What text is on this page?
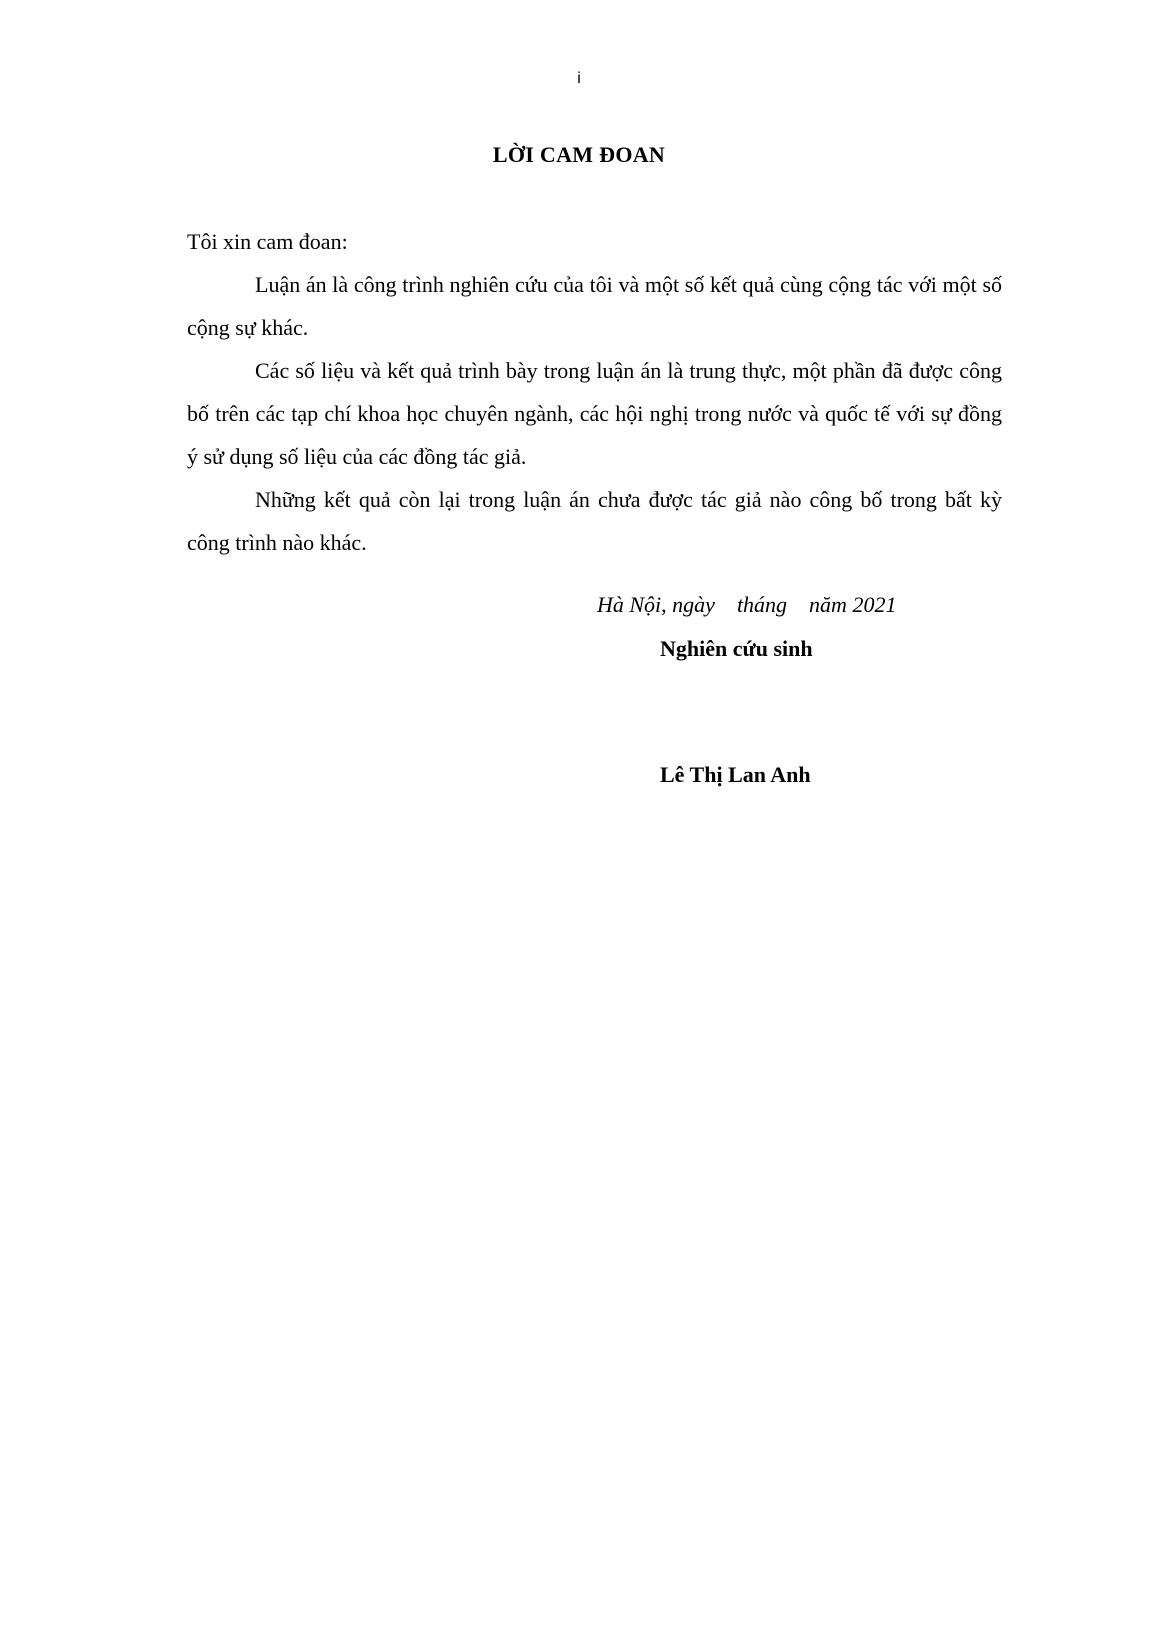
i
LỜI CAM ĐOAN

Tôi xin cam đoan:

Luận án là công trình nghiên cứu của tôi và một số kết quả cùng cộng tác với một số cộng sự khác.

Các số liệu và kết quả trình bày trong luận án là trung thực, một phần đã được công bố trên các tạp chí khoa học chuyên ngành, các hội nghị trong nước và quốc tế với sự đồng ý sử dụng số liệu của các đồng tác giả.

Những kết quả còn lại trong luận án chưa được tác giả nào công bố trong bất kỳ công trình nào khác.

Hà Nội, ngày    tháng    năm 2021
Nghiên cứu sinh
Lê Thị Lan Anh
